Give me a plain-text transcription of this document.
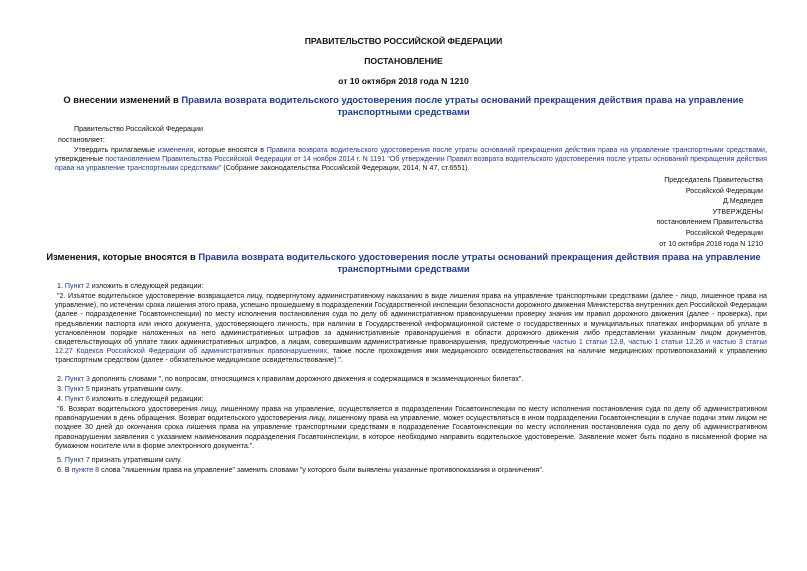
ПРАВИТЕЛЬСТВО РОССИЙСКОЙ ФЕДЕРАЦИИ
ПОСТАНОВЛЕНИЕ
от 10 октября 2018 года N 1210
О внесении изменений в Правила возврата водительского удостоверения после утраты оснований прекращения действия права на управление транспортными средствами
Правительство Российской Федерации
постановляет:
Утвердить прилагаемые изменения, которые вносятся в Правила возврата водительского удостоверения после утраты оснований прекращения действия права на управление транспортными средствами, утвержденные постановлением Правительства Российской Федерации от 14 ноября 2014 г. N 1191 "Об утверждении Правил возврата водительского удостоверения после утраты оснований прекращения действия права на управление транспортными средствами" (Собрание законодательства Российской Федерации, 2014, N 47, ст.6551).
Председатель Правительства
Российской Федерации
Д.Медведев
УТВЕРЖДЕНЫ
постановлением Правительства
Российской Федерации
от 10 октября 2018 года N 1210
Изменения, которые вносятся в Правила возврата водительского удостоверения после утраты оснований прекращения действия права на управление транспортными средствами
1. Пункт 2 изложить в следующей редакции:
"2. Изъятое водительское удостоверение возвращается лицу, подвергнутому административному наказанию в виде лишения права на управление транспортными средствами (далее - лицо, лишенное права на управление), по истечении срока лишения этого права, успешно прошедшему в подразделении Государственной инспекции безопасности дорожного движения Министерства внутренних дел Российской Федерации (далее - подразделение Госавтоинспекции) по месту исполнения постановления суда по делу об административном правонарушении проверку знания им правил дорожного движения (далее - проверка), при предъявлении паспорта или иного документа, удостоверяющего личность, при наличии в Государственной информационной системе о государственных и муниципальных платежах информации об уплате в установленном порядке наложенных на него административных штрафов за административные правонарушения в области дорожного движения либо представлении указанным лицом документов, свидетельствующих об уплате таких административных штрафов, а лицам, совершившим административные правонарушения, предусмотренные частью 1 статьи 12.8, частью 1 статьи 12.26 и частью 3 статьи 12.27 Кодекса Российской Федерации об административных правонарушениях, также после прохождения ими медицинского освидетельствования на наличие медицинских противопоказаний к управлению транспортным средством (далее - обязательное медицинское освидетельствование).".
2. Пункт 3 дополнить словами ", по вопросам, относящимся к правилам дорожного движения и содержащимся в экзаменационных билетах".
3. Пункт 5 признать утратившим силу.
4. Пункт 6 изложить в следующей редакции:
"6. Возврат водительского удостоверения лицу, лишенному права на управление, осуществляется в подразделении Госавтоинспекции по месту исполнения постановления суда по делу об административном правонарушении в день обращения. Возврат водительского удостоверения лицу, лишенному права на управление, может осуществляться в ином подразделении Госавтоинспекции в случае подачи этим лицом не позднее 30 дней до окончания срока лишения права на управление транспортными средствами в подразделение Госавтоинспекции по месту исполнения постановления суда по делу об административном правонарушении заявления с указанием наименования подразделения Госавтоинспекции, в которое необходимо направить водительское удостоверение. Заявление может быть подано в письменной форме на бумажном носителе или в форме электронного документа.".
5. Пункт 7 признать утратившим силу.
6. В пункте 8 слова "лишенным права на управление" заменить словами "у которого были выявлены указанные противопоказания и ограничения".
